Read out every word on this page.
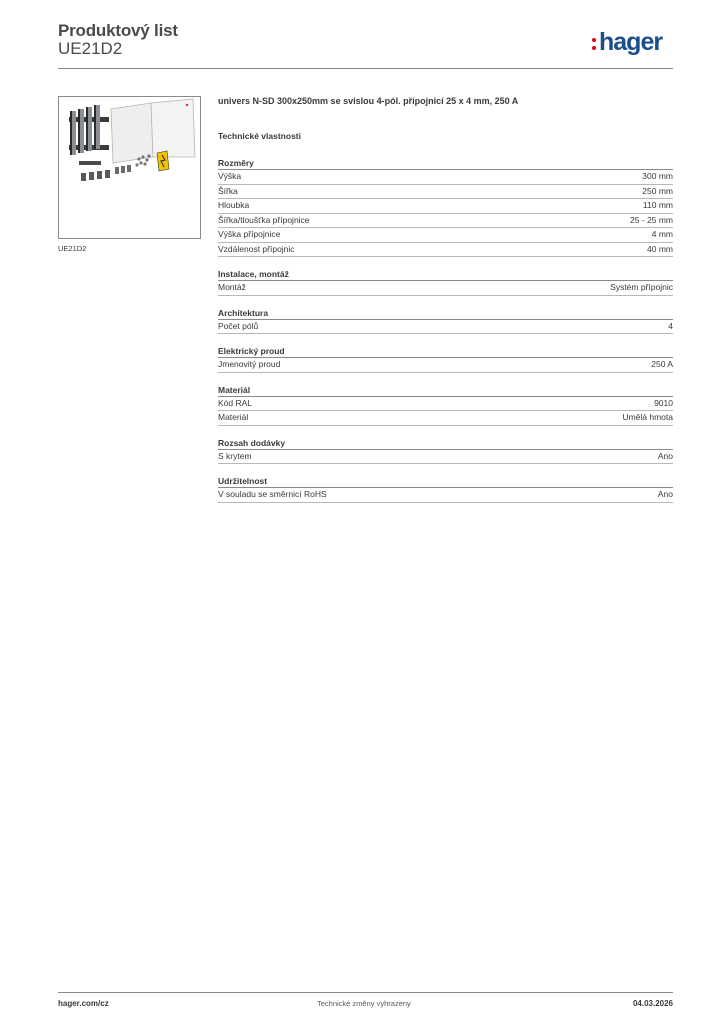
Produktový list
UE21D2	hager
UE21D2
univers N-SD 300x250mm se svislou 4-pól. přípojnicí 25 x 4 mm, 250 A
Technické vlastnosti
Rozměry
Výška	300 mm
Šířka	250 mm
Hloubka	110 mm
Šířka/tloušťka přípojnice	25 - 25 mm
Výška přípojnice	4 mm
Vzdálenost přípojnic	40 mm
Instalace, montáž
Montáž	Systém přípojnic
Architektura
Počet pólů	4
Elektrický proud
Jmenovitý proud	250 A
Materiál
Kód RAL	9010
Materiál	Umělá hmota
Rozsah dodávky
S krytem	Ano
Udržitelnost
V souladu se směrnicí RoHS	Ano
hager.com/cz	Technické změny vyhrazeny	04.03.2026
